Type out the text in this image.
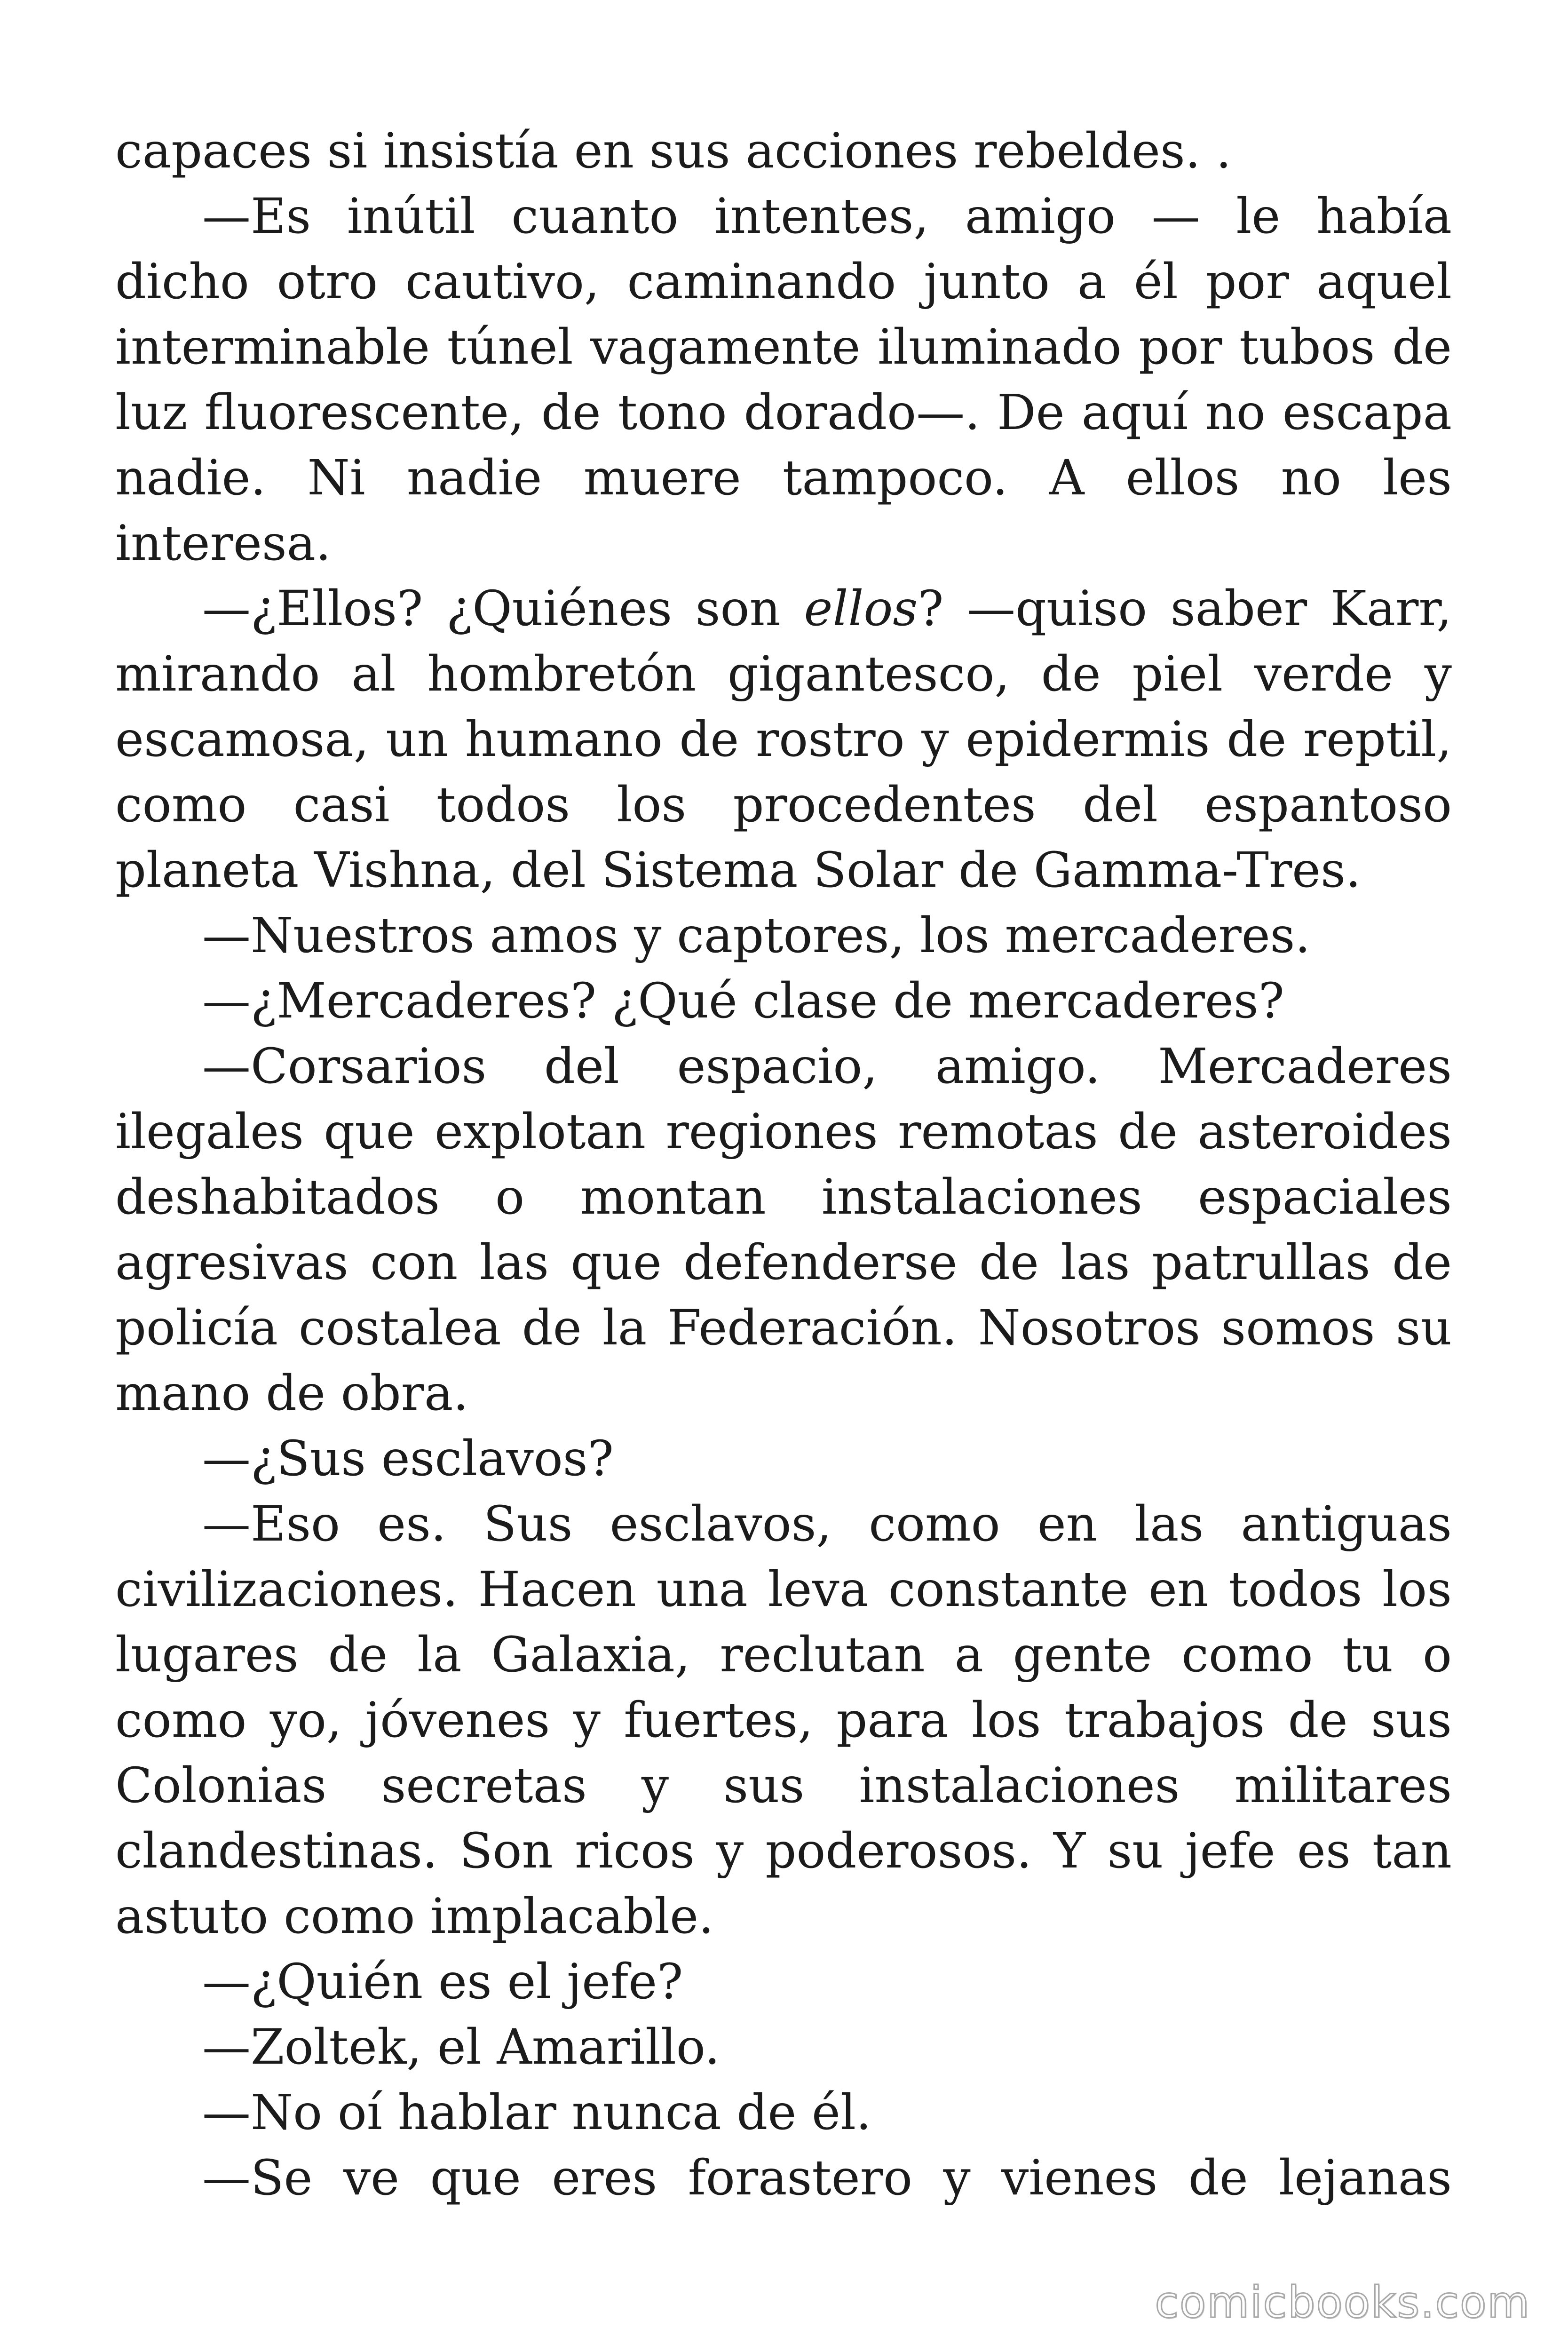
capaces si insistía en sus acciones rebeldes. .

—Es inútil cuanto intentes, amigo — le había dicho otro cautivo, caminando junto a él por aquel interminable túnel vagamente iluminado por tubos de luz fluorescente, de tono dorado—. De aquí no escapa nadie. Ni nadie muere tampoco. A ellos no les interesa.

—¿Ellos? ¿Quiénes son ellos? —quiso saber Karr, mirando al hombretón gigantesco, de piel verde y escamosa, un humano de rostro y epidermis de reptil, como casi todos los procedentes del espantoso planeta Vishna, del Sistema Solar de Gamma-Tres.

—Nuestros amos y captores, los mercaderes.

—¿Mercaderes? ¿Qué clase de mercaderes?

—Corsarios del espacio, amigo. Mercaderes ilegales que explotan regiones remotas de asteroides deshabitados o montan instalaciones espaciales agresivas con las que defenderse de las patrullas de policía costalea de la Federación. Nosotros somos su mano de obra.

—¿Sus esclavos?

—Eso es. Sus esclavos, como en las antiguas civilizaciones. Hacen una leva constante en todos los lugares de la Galaxia, reclutan a gente como tu o como yo, jóvenes y fuertes, para los trabajos de sus Colonias secretas y sus instalaciones militares clandestinas. Son ricos y poderosos. Y su jefe es tan astuto como implacable.

—¿Quién es el jefe?

—Zoltek, el Amarillo.

—No oí hablar nunca de él.

—Se ve que eres forastero y vienes de lejanas

comicbooks.com
